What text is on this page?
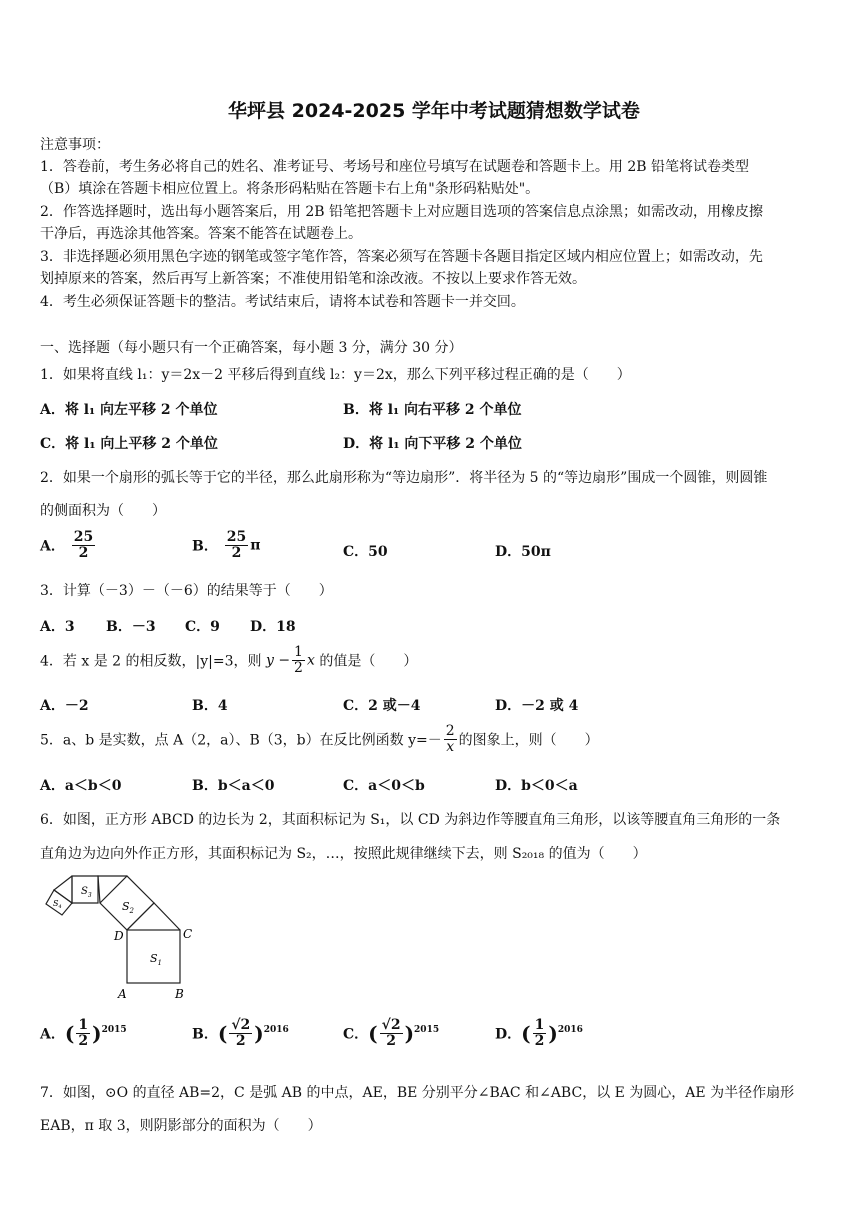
华坪县 2024-2025 学年中考试题猜想数学试卷
注意事项：
1．答卷前，考生务必将自己的姓名、准考证号、考场号和座位号填写在试题卷和答题卡上。用 2B 铅笔将试卷类型
（B）填涂在答题卡相应位置上。将条形码粘贴在答题卡右上角"条形码粘贴处"。
2．作答选择题时，选出每小题答案后，用 2B 铅笔把答题卡上对应题目选项的答案信息点涂黑；如需改动，用橡皮擦
干净后，再选涂其他答案。答案不能答在试题卷上。
3．非选择题必须用黑色字迹的钢笔或签字笔作答，答案必须写在答题卡各题目指定区域内相应位置上；如需改动，先
划掉原来的答案，然后再写上新答案；不准使用铅笔和涂改液。不按以上要求作答无效。
4．考生必须保证答题卡的整洁。考试结束后，请将本试卷和答题卡一并交回。
一、选择题（每小题只有一个正确答案，每小题 3 分，满分 30 分）
1．如果将直线 l₁：y＝2x－2 平移后得到直线 l₂：y＝2x，那么下列平移过程正确的是（　　）
A．将 l₁ 向左平移 2 个单位	B．将 l₁ 向右平移 2 个单位
C．将 l₁ 向上平移 2 个单位	D．将 l₁ 向下平移 2 个单位
2．如果一个扇形的弧长等于它的半径，那么此扇形称为“等边扇形”．将半径为 5 的“等边扇形”围成一个圆锥，则圆锥
的侧面积为（　　）
A． $\frac{25}{2}$	B． $\frac{25}{2}$ π	C．50	D．50π
3．计算（－3）－（－6）的结果等于（　　）
A．3 B．－3 C．9 D．18
4．若 x 是 2 的相反数，|y|=3，则 $y - \frac{1}{2}$ x 的值是（　　）
A．－2	B．4	C．2 或－4	D．－2 或 4
5．a、b 是实数，点 A（2，a）、B（3，b）在反比例函数 $y=- \frac{2}{x}$ 的图象上，则（　　）
A．a＜b＜0	B．b＜a＜0	C．a＜0＜b	D．b＜0＜a
6．如图，正方形 ABCD 的边长为 2，其面积标记为 S₁，以 CD 为斜边作等腰直角三角形，以该等腰直角三角形的一条
直角边为边向外作正方形，其面积标记为 S₂，…，按照此规律继续下去，则 S₂₀₁₈ 的值为（　　）
$S_1$
$S_2$
$S_3$
$S_4$
A	B
C
D
A．( $\frac{1}{2} )^{2015}$	B．( $\frac{√2}{2} )^{2016}$	C．( $\frac{√2}{2} )^{2015}$	D．( $\frac{1}{2} )^{2016}$
7．如图，⊙O 的直径 AB=2，C 是弧 AB 的中点，AE，BE 分别平分∠BAC 和∠ABC，以 E 为圆心，AE 为半径作扇形
EAB，π 取 3，则阴影部分的面积为（　　）
